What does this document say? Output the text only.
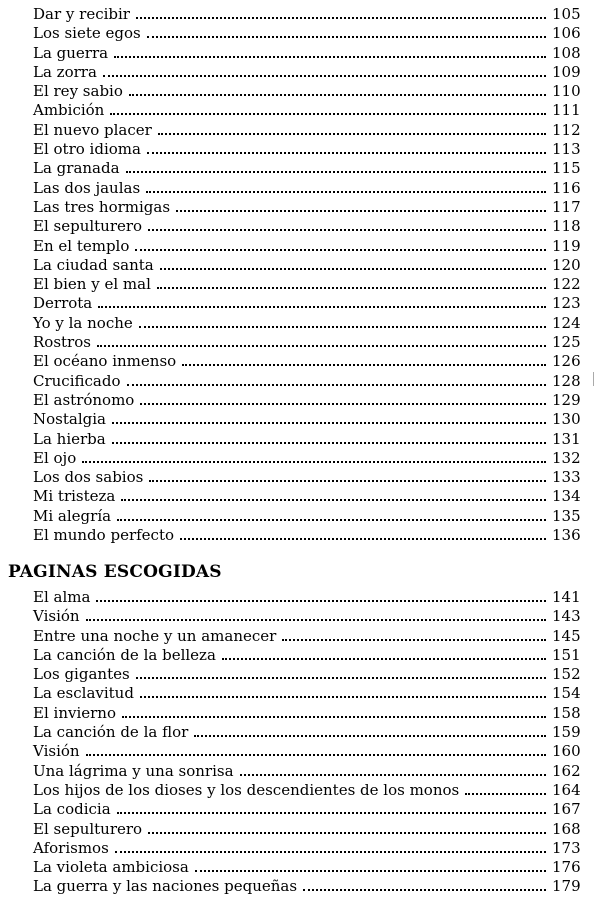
Dar y recibir	105
Los siete egos	106
La guerra	108
La zorra	109
El rey sabio	110
Ambición	111
El nuevo placer	112
El otro idioma	113
La granada	115
Las dos jaulas	116
Las tres hormigas	117
El sepulturero	118
En el templo	119
La ciudad santa	120
El bien y el mal	122
Derrota	123
Yo y la noche	124
Rostros	125
El océano inmenso	126
Crucificado	128
El astrónomo	129
Nostalgia	130
La hierba	131
El ojo	132
Los dos sabios	133
Mi tristeza	134
Mi alegría	135
El mundo perfecto	136
PAGINAS ESCOGIDAS
El alma	141
Visión	143
Entre una noche y un amanecer	145
La canción de la belleza	151
Los gigantes	152
La esclavitud	154
El invierno	158
La canción de la flor	159
Visión	160
Una lágrima y una sonrisa	162
Los hijos de los dioses y los descendientes de los monos	164
La codicia	167
El sepulturero	168
Aforismos	173
La violeta ambiciosa	176
La guerra y las naciones pequeñas	179
